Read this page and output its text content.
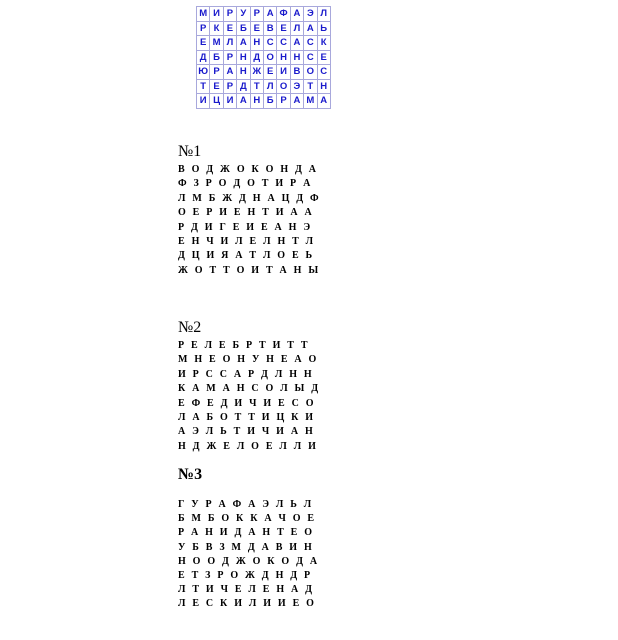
М	И	Р	У	Р	А	Ф	А	Э	Л
Р	К	Е	Б	Е	В	Е	Л	А	Ь
Е	М	Л	А	Н	С	С	А	С	К
Д	Б	Р	Н	Д	О	Н	Н	С	Е
Ю	Р	А	Н	Ж	Е	И	В	О	С
Т	Е	Р	Д	Т	Л	О	Э	Т	Н
И	Ц	И	А	Н	Б	Р	А	М	А
№1
В О Д Ж О К О Н Д А
Ф З Р О Д О Т И Р А
Л М Б Ж Д Н А Ц Д Ф
О Е Р И Е Н Т И А А
Р Д И Г Е И Е А Н Э
Е Н Ч И Л Е Л Н Т Л
Д Ц И Я А Т Л О Е Ь
Ж О Т Т О И Т А Н Ы
№2
Р Е Л Е Б Р Т И Т Т
М Н Е О Н У Н Е А О
И Р С С А Р Д Л Н Н
К А М А Н С О Л Ы Д
Е Ф Е Д И Ч И Е С О
Л А Б О Т Т И Ц К И
А Э Л Ь Т И Ч И А Н
Н Д Ж Е Л О Е Л Л И
№3
Г У Р А Ф А Э Л Ь Л
Б М Б О К К А Ч О Е
Р А Н И Д А Н Т Е О
У Б В З М Д А В И Н
Н О О Д Ж О К О Д А
Е Т З Р О Ж Д Н Д Р
Л Т И Ч Е Л Е Н А Д
Л Е С К И Л И И Е О
